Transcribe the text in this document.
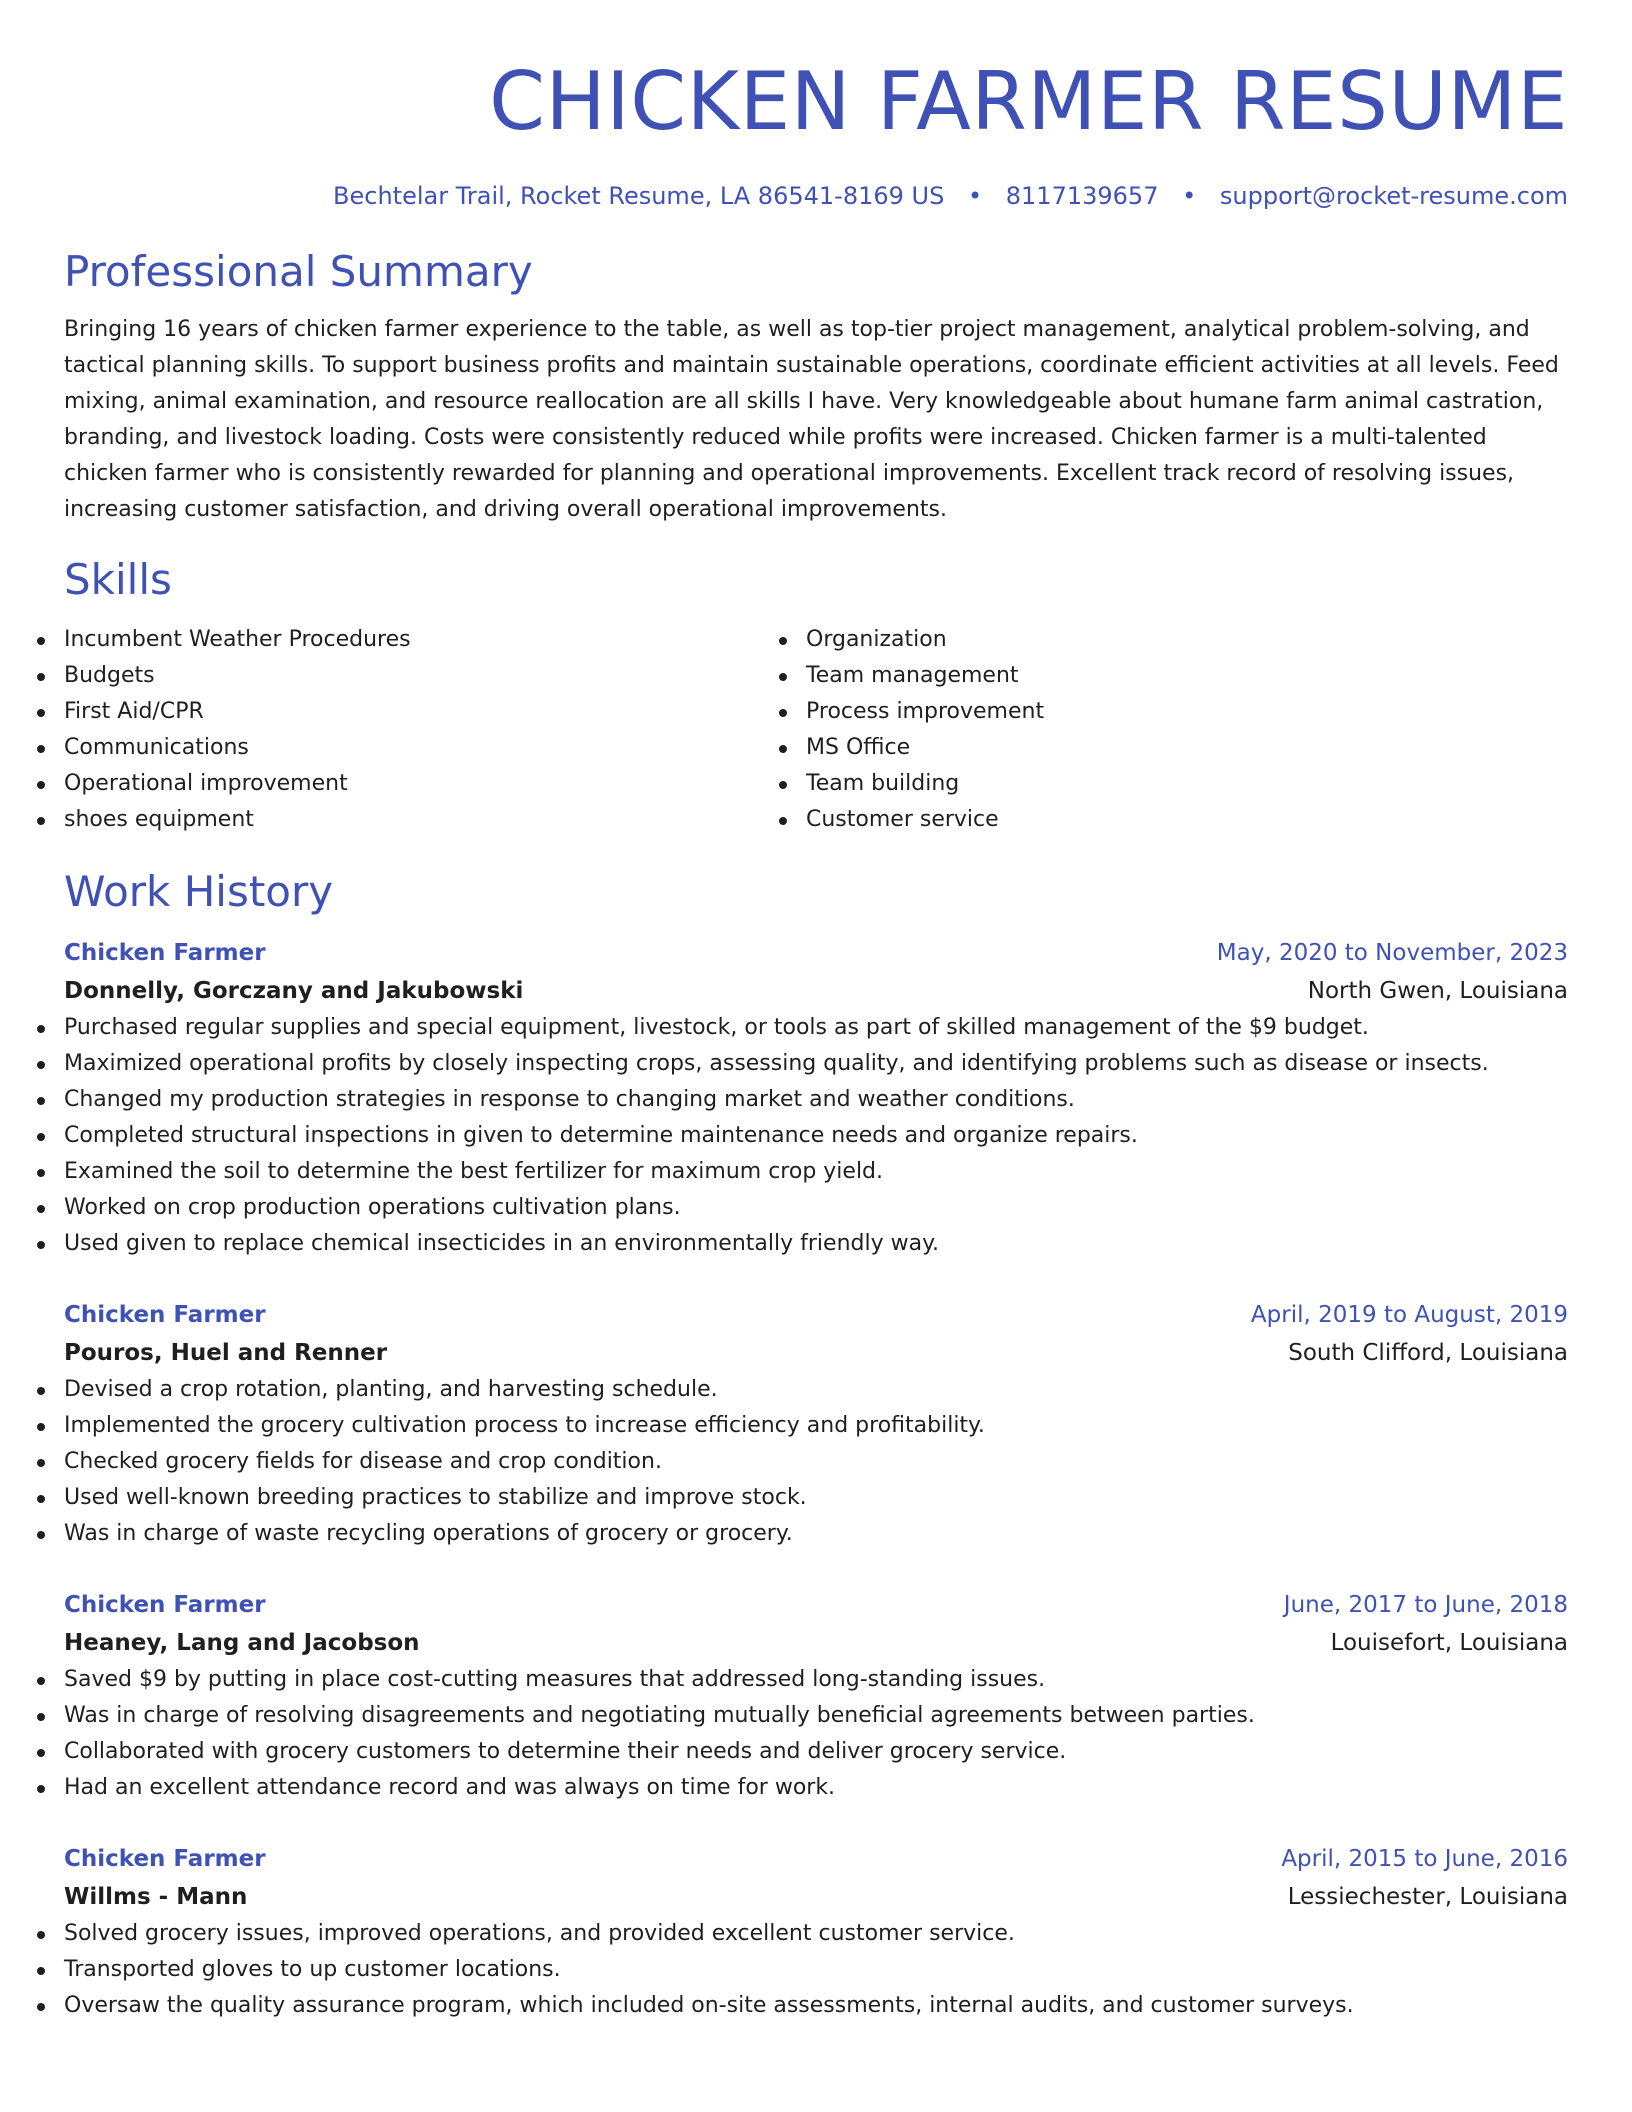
CHICKEN FARMER RESUME
Bechtelar Trail, Rocket Resume, LA 86541-8169 US • 8117139657 • support@rocket-resume.com
Professional Summary
Bringing 16 years of chicken farmer experience to the table, as well as top-tier project management, analytical problem-solving, and tactical planning skills. To support business profits and maintain sustainable operations, coordinate efficient activities at all levels. Feed mixing, animal examination, and resource reallocation are all skills I have. Very knowledgeable about humane farm animal castration, branding, and livestock loading. Costs were consistently reduced while profits were increased. Chicken farmer is a multi-talented chicken farmer who is consistently rewarded for planning and operational improvements. Excellent track record of resolving issues, increasing customer satisfaction, and driving overall operational improvements.
Skills
Incumbent Weather Procedures
Budgets
First Aid/CPR
Communications
Operational improvement
shoes equipment
Organization
Team management
Process improvement
MS Office
Team building
Customer service
Work History
Chicken Farmer	May, 2020 to November, 2023
Donnelly, Gorczany and Jakubowski	North Gwen, Louisiana
Purchased regular supplies and special equipment, livestock, or tools as part of skilled management of the $9 budget.
Maximized operational profits by closely inspecting crops, assessing quality, and identifying problems such as disease or insects.
Changed my production strategies in response to changing market and weather conditions.
Completed structural inspections in given to determine maintenance needs and organize repairs.
Examined the soil to determine the best fertilizer for maximum crop yield.
Worked on crop production operations cultivation plans.
Used given to replace chemical insecticides in an environmentally friendly way.
Chicken Farmer	April, 2019 to August, 2019
Pouros, Huel and Renner	South Clifford, Louisiana
Devised a crop rotation, planting, and harvesting schedule.
Implemented the grocery cultivation process to increase efficiency and profitability.
Checked grocery fields for disease and crop condition.
Used well-known breeding practices to stabilize and improve stock.
Was in charge of waste recycling operations of grocery or grocery.
Chicken Farmer	June, 2017 to June, 2018
Heaney, Lang and Jacobson	Louisefort, Louisiana
Saved $9 by putting in place cost-cutting measures that addressed long-standing issues.
Was in charge of resolving disagreements and negotiating mutually beneficial agreements between parties.
Collaborated with grocery customers to determine their needs and deliver grocery service.
Had an excellent attendance record and was always on time for work.
Chicken Farmer	April, 2015 to June, 2016
Willms - Mann	Lessiechester, Louisiana
Solved grocery issues, improved operations, and provided excellent customer service.
Transported gloves to up customer locations.
Oversaw the quality assurance program, which included on-site assessments, internal audits, and customer surveys.
